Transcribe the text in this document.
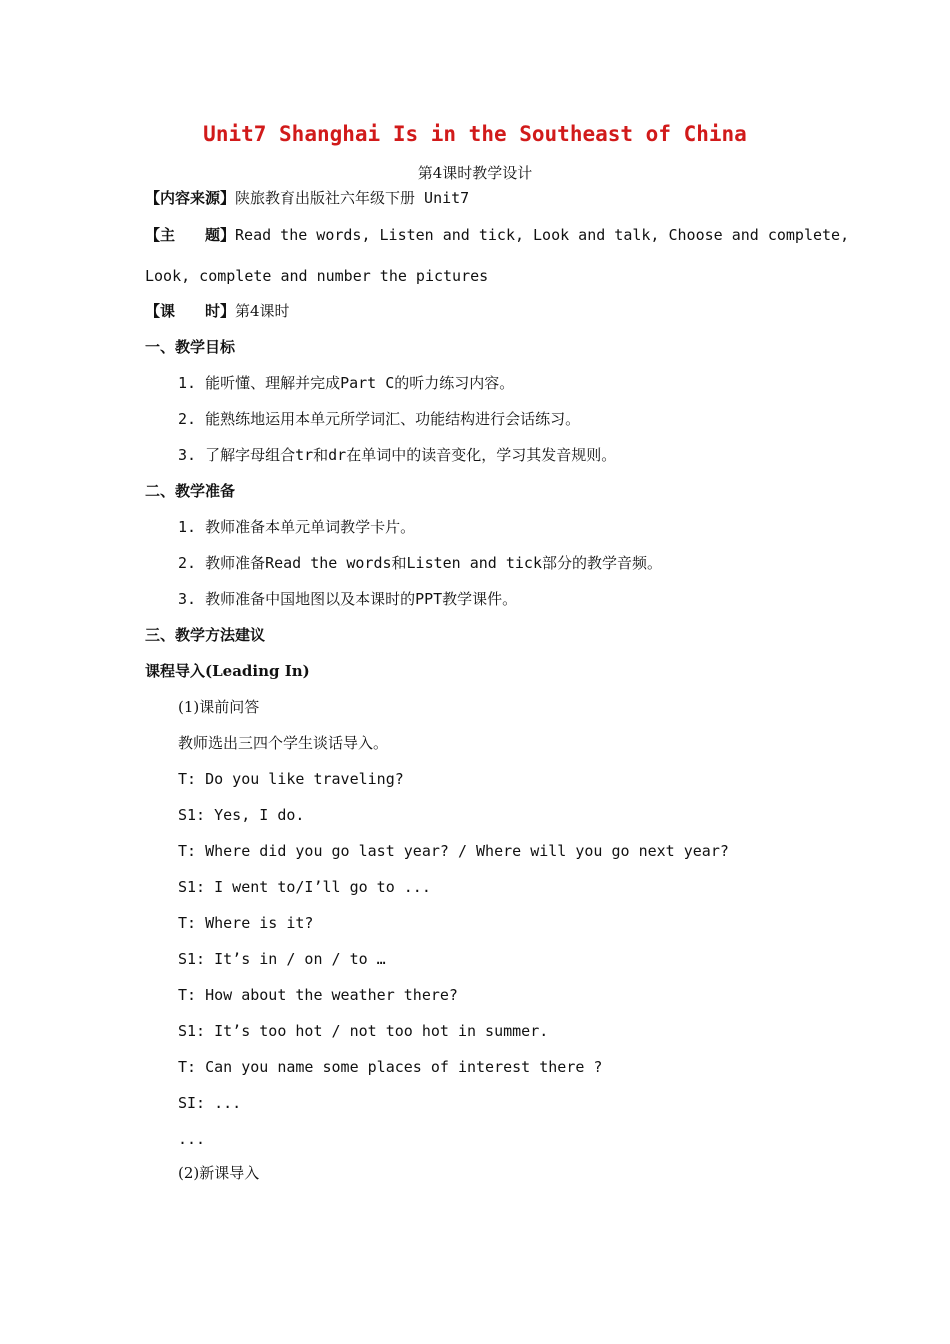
Unit7 Shanghai Is in the Southeast of China
第4课时教学设计
【内容来源】陕旅教育出版社六年级下册 Unit7
【主　　题】Read the words, Listen and tick, Look and talk, Choose and complete,
Look, complete and number the pictures
【课　　时】第4课时
一、教学目标
1. 能听懂、理解并完成Part C的听力练习内容。
2. 能熟练地运用本单元所学词汇、功能结构进行会话练习。
3. 了解字母组合tr和dr在单词中的读音变化，学习其发音规则。
二、教学准备
1. 教师准备本单元单词教学卡片。
2. 教师准备Read the words和Listen and tick部分的教学音频。
3. 教师准备中国地图以及本课时的PPT教学课件。
三、教学方法建议
课程导入(Leading In)
(1)课前问答
教师选出三四个学生谈话导入。
T: Do you like traveling?
S1: Yes, I do.
T: Where did you go last year? / Where will you go next year?
S1: I went to/I’ll go to ...
T: Where is it?
S1: It’s in / on / to …
T: How about the weather there?
S1: It’s too hot / not too hot in summer.
T: Can you name some places of interest there ?
SI: ...
...
(2)新课导入
